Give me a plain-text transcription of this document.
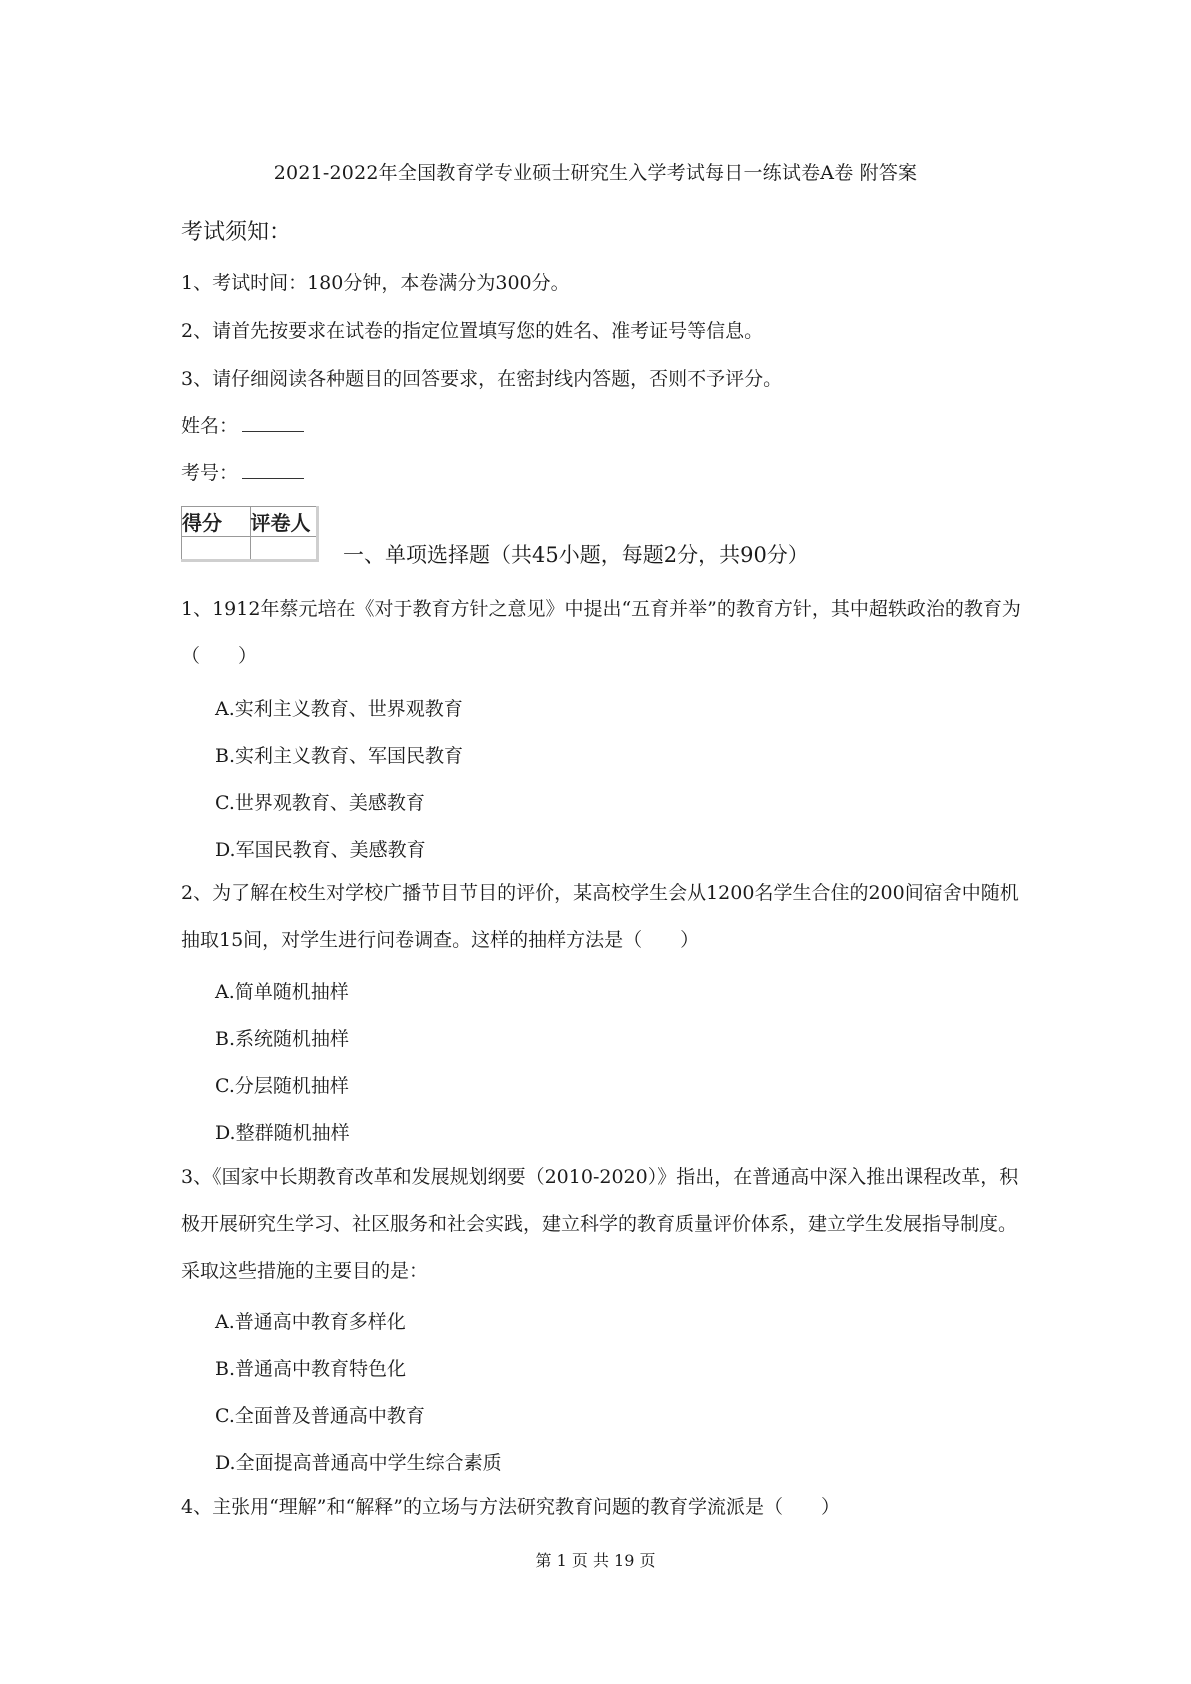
2021-2022年全国教育学专业硕士研究生入学考试每日一练试卷A卷 附答案
考试须知：
1、考试时间：180分钟，本卷满分为300分。
2、请首先按要求在试卷的指定位置填写您的姓名、准考证号等信息。
3、请仔细阅读各种题目的回答要求，在密封线内答题，否则不予评分。
姓名：
考号：
得分	评卷人

一、单项选择题（共45小题，每题2分，共90分）
1、1912年蔡元培在《对于教育方针之意见》中提出“五育并举”的教育方针，其中超轶政治的教育为（　　）
A.实利主义教育、世界观教育
B.实利主义教育、军国民教育
C.世界观教育、美感教育
D.军国民教育、美感教育
2、为了解在校生对学校广播节目节目的评价，某高校学生会从1200名学生合住的200间宿舍中随机抽取15间，对学生进行问卷调查。这样的抽样方法是（　　）
A.简单随机抽样
B.系统随机抽样
C.分层随机抽样
D.整群随机抽样
3、《国家中长期教育改革和发展规划纲要（2010-2020）》指出，在普通高中深入推出课程改革，积极开展研究生学习、社区服务和社会实践，建立科学的教育质量评价体系，建立学生发展指导制度。采取这些措施的主要目的是：
A.普通高中教育多样化
B.普通高中教育特色化
C.全面普及普通高中教育
D.全面提高普通高中学生综合素质
4、主张用“理解”和“解释”的立场与方法研究教育问题的教育学流派是（　　）
第 1 页 共 19 页
